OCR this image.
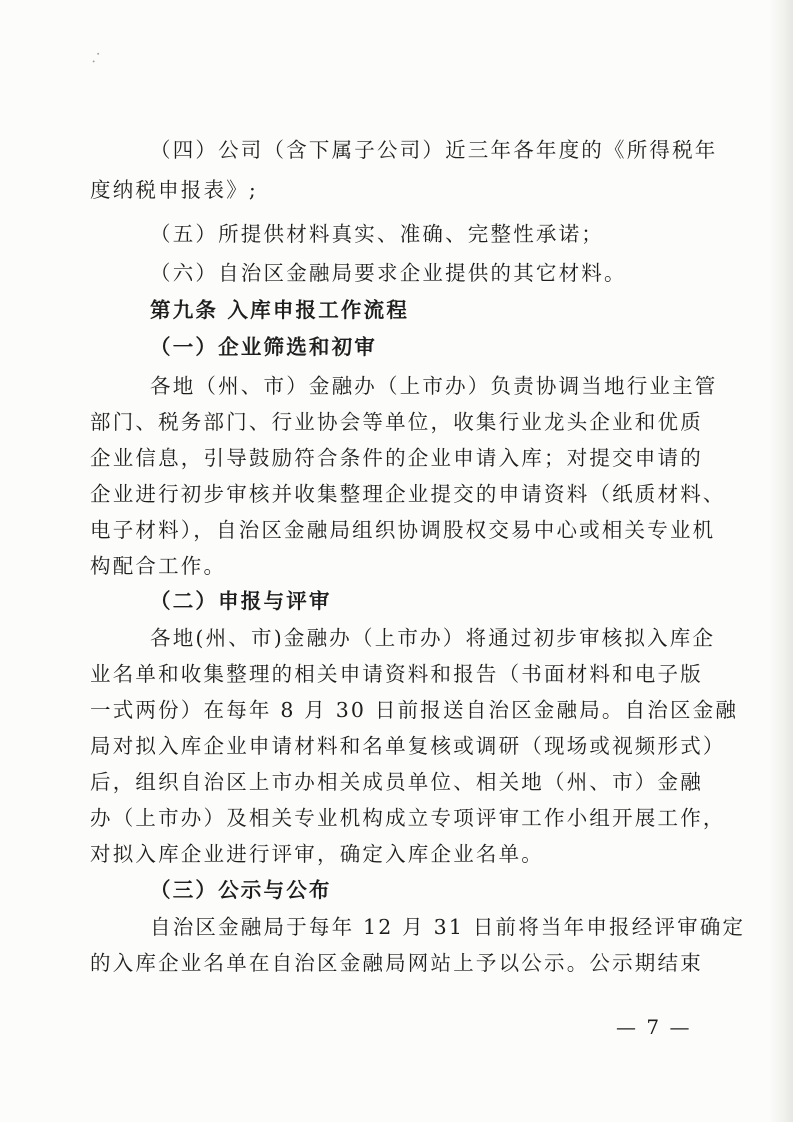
· ·
（四）公司（含下属子公司）近三年各年度的《所得税年
度纳税申报表》;
（五）所提供材料真实、准确、完整性承诺；
（六）自治区金融局要求企业提供的其它材料。
第九条 入库申报工作流程
（一）企业筛选和初审
各地（州、市）金融办（上市办）负责协调当地行业主管
部门、税务部门、行业协会等单位，收集行业龙头企业和优质
企业信息，引导鼓励符合条件的企业申请入库；对提交申请的
企业进行初步审核并收集整理企业提交的申请资料（纸质材料、
电子材料），自治区金融局组织协调股权交易中心或相关专业机
构配合工作。
（二）申报与评审
各地(州、市)金融办（上市办）将通过初步审核拟入库企
业名单和收集整理的相关申请资料和报告（书面材料和电子版
一式两份）在每年 8 月 30 日前报送自治区金融局。自治区金融
局对拟入库企业申请材料和名单复核或调研（现场或视频形式）
后，组织自治区上市办相关成员单位、相关地（州、市）金融
办（上市办）及相关专业机构成立专项评审工作小组开展工作，
对拟入库企业进行评审，确定入库企业名单。
（三）公示与公布
自治区金融局于每年 12 月 31 日前将当年申报经评审确定
的入库企业名单在自治区金融局网站上予以公示。公示期结束
— 7 —
